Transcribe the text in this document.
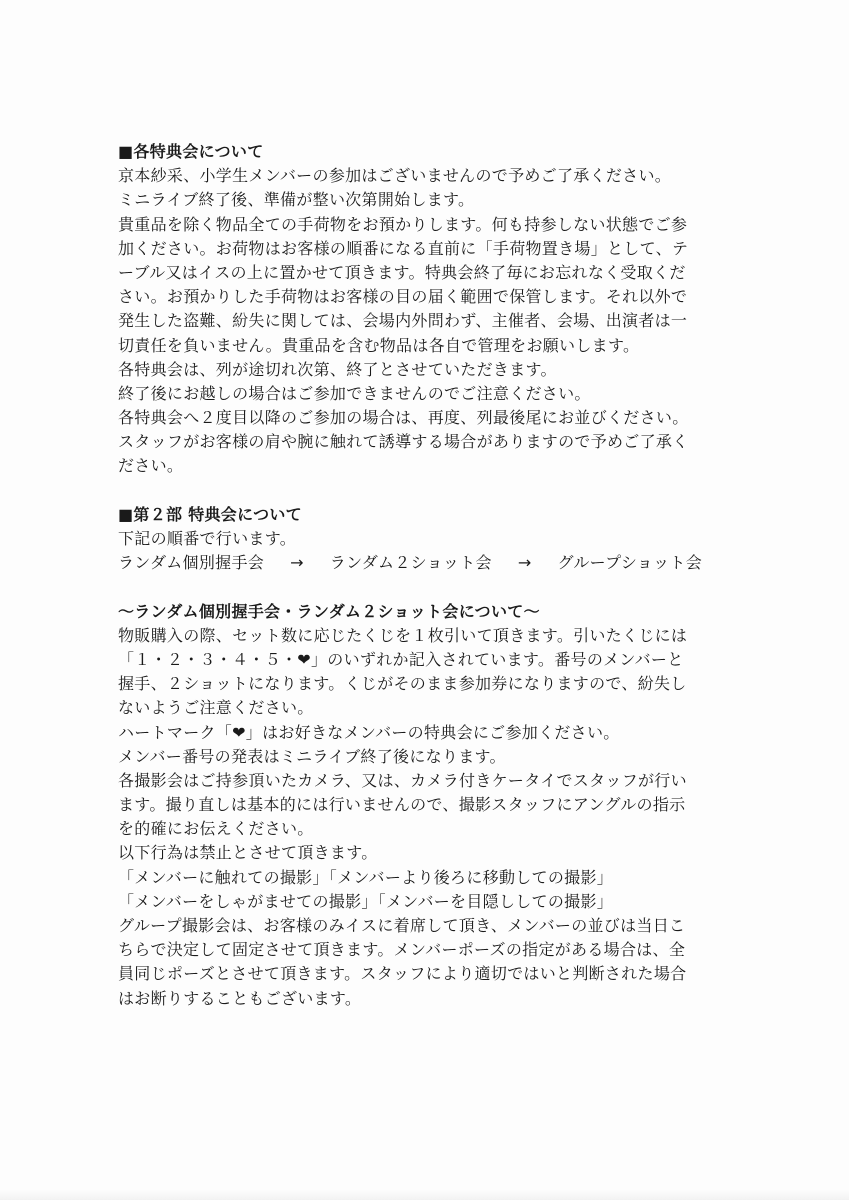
■各特典会について
京本紗采、小学生メンバーの参加はございませんので予めご了承ください。
ミニライブ終了後、準備が整い次第開始します。
貴重品を除く物品全ての手荷物をお預かりします。何も持参しない状態でご参
加ください。お荷物はお客様の順番になる直前に「手荷物置き場」として、テ
ーブル又はイスの上に置かせて頂きます。特典会終了毎にお忘れなく受取くだ
さい。お預かりした手荷物はお客様の目の届く範囲で保管します。それ以外で
発生した盗難、紛失に関しては、会場内外問わず、主催者、会場、出演者は一
切責任を負いません。貴重品を含む物品は各自で管理をお願いします。
各特典会は、列が途切れ次第、終了とさせていただきます。
終了後にお越しの場合はご参加できませんのでご注意ください。
各特典会へ２度目以降のご参加の場合は、再度、列最後尾にお並びください。
スタッフがお客様の肩や腕に触れて誘導する場合がありますので予めご了承く
ださい。
■第２部 特典会について
下記の順番で行います。
ランダム個別握手会 → ランダム２ショット会 → グループショット会
～ランダム個別握手会・ランダム２ショット会について～
物販購入の際、セット数に応じたくじを１枚引いて頂きます。引いたくじには
「１・２・３・４・５・❤」のいずれか記入されています。番号のメンバーと
握手、２ショットになります。くじがそのまま参加券になりますので、紛失し
ないようご注意ください。
ハートマーク「❤」はお好きなメンバーの特典会にご参加ください。
メンバー番号の発表はミニライブ終了後になります。
各撮影会はご持参頂いたカメラ、又は、カメラ付きケータイでスタッフが行い
ます。撮り直しは基本的には行いませんので、撮影スタッフにアングルの指示
を的確にお伝えください。
以下行為は禁止とさせて頂きます。
「メンバーに触れての撮影」「メンバーより後ろに移動しての撮影」
「メンバーをしゃがませての撮影」「メンバーを目隠ししての撮影」
グループ撮影会は、お客様のみイスに着席して頂き、メンバーの並びは当日こ
ちらで決定して固定させて頂きます。メンバーポーズの指定がある場合は、全
員同じポーズとさせて頂きます。スタッフにより適切ではいと判断された場合
はお断りすることもございます。
